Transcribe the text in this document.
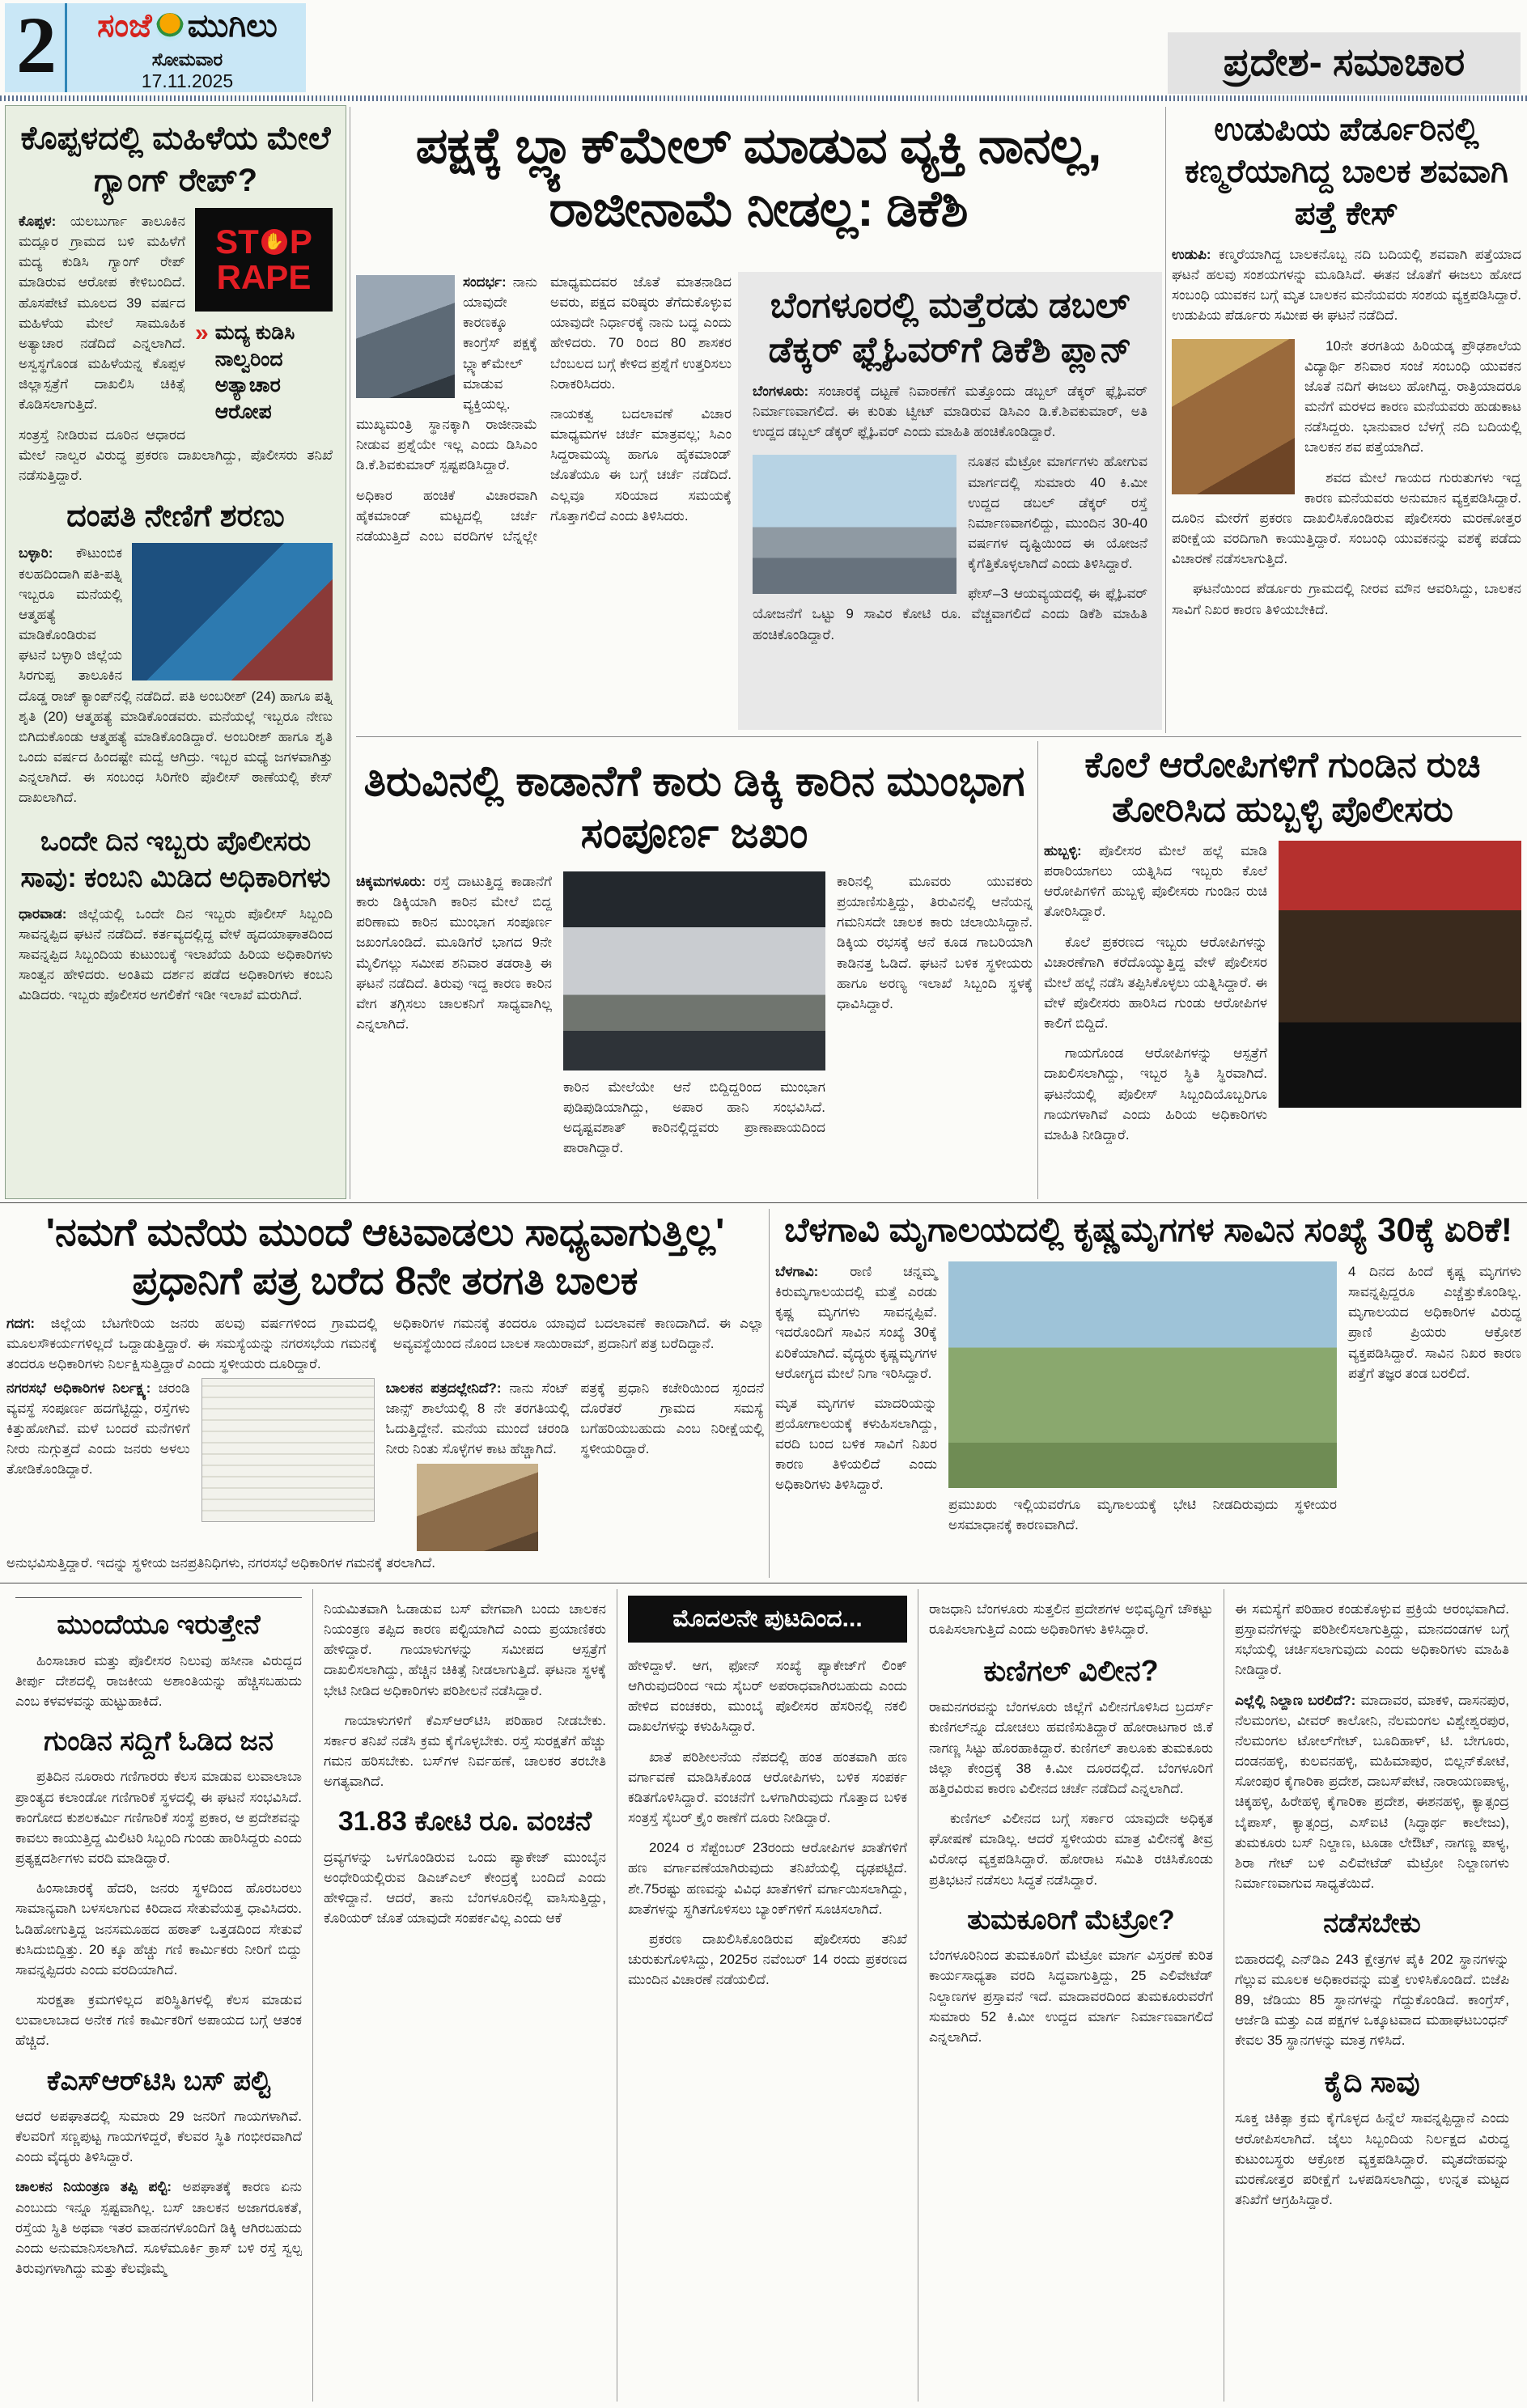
2 ಸಂಜೆ ಮುಗಿಲು
ಸೋಮವಾರ
17.11.2025	ಪ್ರದೇಶ- ಸಮಾಚಾರ
ಕೊಪ್ಪಳದಲ್ಲಿ ಮಹಿಳೆಯ ಮೇಲೆ ಗ್ಯಾಂಗ್ ರೇಪ್?
ST ✋ P
RAPE
» ಮದ್ಯ ಕುಡಿಸಿ ನಾಲ್ವರಿಂದ ಅತ್ಯಾಚಾರ ಆರೋಪ

ಕೊಪ್ಪಳ: ಯಲಬುರ್ಗಾ ತಾಲೂಕಿನ ಮದ್ಲೂರ ಗ್ರಾಮದ ಬಳಿ ಮಹಿಳೆಗೆ ಮದ್ಯ ಕುಡಿಸಿ ಗ್ಯಾಂಗ್ ರೇಪ್ ಮಾಡಿರುವ ಆರೋಪ ಕೇಳಿಬಂದಿದೆ. ಹೊಸಪೇಟೆ ಮೂಲದ 39 ವರ್ಷದ ಮಹಿಳೆಯ ಮೇಲೆ ಸಾಮೂಹಿಕ ಅತ್ಯಾಚಾರ ನಡೆದಿದೆ ಎನ್ನಲಾಗಿದೆ. ಅಸ್ವಸ್ಥಗೊಂಡ ಮಹಿಳೆಯನ್ನ ಕೊಪ್ಪಳ ಜಿಲ್ಲಾಸ್ಪತ್ರೆಗೆ ದಾಖಲಿಸಿ ಚಿಕಿತ್ಸೆ ಕೊಡಿಸಲಾಗುತ್ತಿದೆ.

ಸಂತ್ರಸ್ತೆ ನೀಡಿರುವ ದೂರಿನ ಆಧಾರದ ಮೇಲೆ ನಾಲ್ವರ ವಿರುದ್ಧ ಪ್ರಕರಣ ದಾಖಲಾಗಿದ್ದು, ಪೊಲೀಸರು ತನಿಖೆ ನಡೆಸುತ್ತಿದ್ದಾರೆ.

ದಂಪತಿ ನೇಣಿಗೆ ಶರಣು

ಬಳ್ಳಾರಿ: ಕೌಟುಂಬಿಕ ಕಲಹದಿಂದಾಗಿ ಪತಿ-ಪತ್ನಿ ಇಬ್ಬರೂ ಮನೆಯಲ್ಲಿ ಆತ್ಮಹತ್ಯೆ ಮಾಡಿಕೊಂಡಿರುವ ಘಟನೆ ಬಳ್ಳಾರಿ ಜಿಲ್ಲೆಯ ಸಿರಗುಪ್ಪ ತಾಲೂಕಿನ ದೊಡ್ಡ ರಾಜ್ ಕ್ಯಾಂಪ್‌ನಲ್ಲಿ ನಡೆದಿದೆ. ಪತಿ ಅಂಬರೀಶ್ (24) ಹಾಗೂ ಪತ್ನಿ ಶೃತಿ (20) ಆತ್ಮಹತ್ಯೆ ಮಾಡಿಕೊಂಡವರು. ಮನೆಯಲ್ಲೆ ಇಬ್ಬರೂ ನೇಣು ಬಿಗಿದುಕೊಂಡು ಆತ್ಮಹತ್ಯೆ ಮಾಡಿಕೊಂಡಿದ್ದಾರೆ. ಅಂಬರೀಶ್ ಹಾಗೂ ಶೃತಿ ಒಂದು ವರ್ಷದ ಹಿಂದಷ್ಟೇ ಮದ್ವೆ ಆಗಿದ್ರು. ಇಬ್ಬರ ಮಧ್ಯೆ ಜಗಳವಾಗಿತ್ತು ಎನ್ನಲಾಗಿದೆ. ಈ ಸಂಬಂಧ ಸಿರಿಗೇರಿ ಪೊಲೀಸ್ ಠಾಣೆಯಲ್ಲಿ ಕೇಸ್ ದಾಖಲಾಗಿದೆ.

ಒಂದೇ ದಿನ ಇಬ್ಬರು ಪೊಲೀಸರು ಸಾವು: ಕಂಬನಿ ಮಿಡಿದ ಅಧಿಕಾರಿಗಳು

ಧಾರವಾಡ: ಜಿಲ್ಲೆಯಲ್ಲಿ ಒಂದೇ ದಿನ ಇಬ್ಬರು ಪೊಲೀಸ್ ಸಿಬ್ಬಂದಿ ಸಾವನ್ನಪ್ಪಿದ ಘಟನೆ ನಡೆದಿದೆ. ಕರ್ತವ್ಯದಲ್ಲಿದ್ದ ವೇಳೆ ಹೃದಯಾಘಾತದಿಂದ ಸಾವನ್ನಪ್ಪಿದ ಸಿಬ್ಬಂದಿಯ ಕುಟುಂಬಕ್ಕೆ ಇಲಾಖೆಯ ಹಿರಿಯ ಅಧಿಕಾರಿಗಳು ಸಾಂತ್ವನ ಹೇಳಿದರು. ಅಂತಿಮ ದರ್ಶನ ಪಡೆದ ಅಧಿಕಾರಿಗಳು ಕಂಬನಿ ಮಿಡಿದರು. ಇಬ್ಬರು ಪೊಲೀಸರ ಅಗಲಿಕೆಗೆ ಇಡೀ ಇಲಾಖೆ ಮರುಗಿದೆ.

ಪಕ್ಷಕ್ಕೆ ಬ್ಲ್ಯಾಕ್‌ಮೇಲ್ ಮಾಡುವ ವ್ಯಕ್ತಿ ನಾನಲ್ಲ, ರಾಜೀನಾಮೆ ನೀಡಲ್ಲ: ಡಿಕೆಶಿ

ಸಂದರ್ಭ: ನಾನು ಯಾವುದೇ ಕಾರಣಕ್ಕೂ ಕಾಂಗ್ರೆಸ್ ಪಕ್ಷಕ್ಕೆ ಬ್ಲ್ಯಾಕ್‌ಮೇಲ್ ಮಾಡುವ ವ್ಯಕ್ತಿಯಲ್ಲ. ಮುಖ್ಯಮಂತ್ರಿ ಸ್ಥಾನಕ್ಕಾಗಿ ರಾಜೀನಾಮೆ ನೀಡುವ ಪ್ರಶ್ನೆಯೇ ಇಲ್ಲ ಎಂದು ಡಿಸಿಎಂ ಡಿ.ಕೆ.ಶಿವಕುಮಾರ್ ಸ್ಪಷ್ಟಪಡಿಸಿದ್ದಾರೆ.

ಅಧಿಕಾರ ಹಂಚಿಕೆ ವಿಚಾರವಾಗಿ ಹೈಕಮಾಂಡ್ ಮಟ್ಟದಲ್ಲಿ ಚರ್ಚೆ ನಡೆಯುತ್ತಿದೆ ಎಂಬ ವರದಿಗಳ ಬೆನ್ನಲ್ಲೇ ಮಾಧ್ಯಮದವರ ಜೊತೆ ಮಾತನಾಡಿದ ಅವರು, ಪಕ್ಷದ ವರಿಷ್ಠರು ತೆಗೆದುಕೊಳ್ಳುವ ಯಾವುದೇ ನಿರ್ಧಾರಕ್ಕೆ ನಾನು ಬದ್ಧ ಎಂದು ಹೇಳಿದರು. 70 ರಿಂದ 80 ಶಾಸಕರ ಬೆಂಬಲದ ಬಗ್ಗೆ ಕೇಳಿದ ಪ್ರಶ್ನೆಗೆ ಉತ್ತರಿಸಲು ನಿರಾಕರಿಸಿದರು.

ನಾಯಕತ್ವ ಬದಲಾವಣೆ ವಿಚಾರ ಮಾಧ್ಯಮಗಳ ಚರ್ಚೆ ಮಾತ್ರವಲ್ಲ; ಸಿಎಂ ಸಿದ್ದರಾಮಯ್ಯ ಹಾಗೂ ಹೈಕಮಾಂಡ್ ಜೊತೆಯೂ ಈ ಬಗ್ಗೆ ಚರ್ಚೆ ನಡೆದಿದೆ. ಎಲ್ಲವೂ ಸರಿಯಾದ ಸಮಯಕ್ಕೆ ಗೊತ್ತಾಗಲಿದೆ ಎಂದು ತಿಳಿಸಿದರು.

ಬೆಂಗಳೂರಲ್ಲಿ ಮತ್ತೆರಡು ಡಬಲ್ ಡೆಕ್ಕರ್ ಫ್ಲೈಓವರ್‌ಗೆ ಡಿಕೆಶಿ ಪ್ಲಾನ್

ಬೆಂಗಳೂರು: ಸಂಚಾರಕ್ಕೆ ದಟ್ಟಣೆ ನಿವಾರಣೆಗೆ ಮತ್ತೊಂದು ಡಬ್ಬಲ್ ಡೆಕ್ಕರ್ ಫ್ಲೈಓವರ್ ನಿರ್ಮಾಣವಾಗಲಿದೆ. ಈ ಕುರಿತು ಟ್ವೀಟ್ ಮಾಡಿರುವ ಡಿಸಿಎಂ ಡಿ.ಕೆ.ಶಿವಕುಮಾರ್, ಅತಿ ಉದ್ದದ ಡಬ್ಬಲ್ ಡೆಕ್ಕರ್ ಫ್ಲೈಓವರ್ ಎಂದು ಮಾಹಿತಿ ಹಂಚಿಕೊಂಡಿದ್ದಾರೆ.

ನೂತನ ಮೆಟ್ರೋ ಮಾರ್ಗಗಳು ಹೋಗುವ ಮಾರ್ಗದಲ್ಲಿ ಸುಮಾರು 40 ಕಿ.ಮೀ ಉದ್ದದ ಡಬಲ್ ಡೆಕ್ಕರ್ ರಸ್ತೆ ನಿರ್ಮಾಣವಾಗಲಿದ್ದು, ಮುಂದಿನ 30-40 ವರ್ಷಗಳ ದೃಷ್ಟಿಯಿಂದ ಈ ಯೋಜನೆ ಕೈಗೆತ್ತಿಕೊಳ್ಳಲಾಗಿದೆ ಎಂದು ತಿಳಿಸಿದ್ದಾರೆ.

ಫೇಸ್–3 ಆಯವ್ಯಯದಲ್ಲಿ ಈ ಫ್ಲೈಓವರ್ ಯೋಜನೆಗೆ ಒಟ್ಟು 9 ಸಾವಿರ ಕೋಟಿ ರೂ. ವೆಚ್ಚವಾಗಲಿದೆ ಎಂದು ಡಿಕೆಶಿ ಮಾಹಿತಿ ಹಂಚಿಕೊಂಡಿದ್ದಾರೆ.

ಉಡುಪಿಯ ಪೆರ್ಡೂರಿನಲ್ಲಿ ಕಣ್ಮರೆಯಾಗಿದ್ದ ಬಾಲಕ ಶವವಾಗಿ ಪತ್ತೆ ಕೇಸ್

ಉಡುಪಿ: ಕಣ್ಮರೆಯಾಗಿದ್ದ ಬಾಲಕನೊಬ್ಬ ನದಿ ಬದಿಯಲ್ಲಿ ಶವವಾಗಿ ಪತ್ತೆಯಾದ ಘಟನೆ ಹಲವು ಸಂಶಯಗಳನ್ನು ಮೂಡಿಸಿದೆ. ಈತನ ಜೊತೆಗೆ ಈಜಲು ಹೋದ ಸಂಬಂಧಿ ಯುವಕನ ಬಗ್ಗೆ ಮೃತ ಬಾಲಕನ ಮನೆಯವರು ಸಂಶಯ ವ್ಯಕ್ತಪಡಿಸಿದ್ದಾರೆ. ಉಡುಪಿಯ ಪೆರ್ಡೂರು ಸಮೀಪ ಈ ಘಟನೆ ನಡೆದಿದೆ.

10ನೇ ತರಗತಿಯ ಹಿರಿಯಡ್ಕ ಪ್ರೌಢಶಾಲೆಯ ವಿದ್ಯಾರ್ಥಿ ಶನಿವಾರ ಸಂಜೆ ಸಂಬಂಧಿ ಯುವಕನ ಜೊತೆ ನದಿಗೆ ಈಜಲು ಹೋಗಿದ್ದ. ರಾತ್ರಿಯಾದರೂ ಮನೆಗೆ ಮರಳದ ಕಾರಣ ಮನೆಯವರು ಹುಡುಕಾಟ ನಡೆಸಿದ್ದರು. ಭಾನುವಾರ ಬೆಳಗ್ಗೆ ನದಿ ಬದಿಯಲ್ಲಿ ಬಾಲಕನ ಶವ ಪತ್ತೆಯಾಗಿದೆ.

ಶವದ ಮೇಲೆ ಗಾಯದ ಗುರುತುಗಳು ಇದ್ದ ಕಾರಣ ಮನೆಯವರು ಅನುಮಾನ ವ್ಯಕ್ತಪಡಿಸಿದ್ದಾರೆ. ದೂರಿನ ಮೇರೆಗೆ ಪ್ರಕರಣ ದಾಖಲಿಸಿಕೊಂಡಿರುವ ಪೊಲೀಸರು ಮರಣೋತ್ತರ ಪರೀಕ್ಷೆಯ ವರದಿಗಾಗಿ ಕಾಯುತ್ತಿದ್ದಾರೆ. ಸಂಬಂಧಿ ಯುವಕನನ್ನು ವಶಕ್ಕೆ ಪಡೆದು ವಿಚಾರಣೆ ನಡೆಸಲಾಗುತ್ತಿದೆ.

ಘಟನೆಯಿಂದ ಪೆರ್ಡೂರು ಗ್ರಾಮದಲ್ಲಿ ನೀರವ ಮೌನ ಆವರಿಸಿದ್ದು, ಬಾಲಕನ ಸಾವಿಗೆ ನಿಖರ ಕಾರಣ ತಿಳಿಯಬೇಕಿದೆ.

ತಿರುವಿನಲ್ಲಿ ಕಾಡಾನೆಗೆ ಕಾರು ಡಿಕ್ಕಿ ಕಾರಿನ ಮುಂಭಾಗ ಸಂಪೂರ್ಣ ಜಖಂ

ಚಿಕ್ಕಮಗಳೂರು: ರಸ್ತೆ ದಾಟುತ್ತಿದ್ದ ಕಾಡಾನೆಗೆ ಕಾರು ಡಿಕ್ಕಿಯಾಗಿ ಕಾರಿನ ಮೇಲೆ ಬಿದ್ದ ಪರಿಣಾಮ ಕಾರಿನ ಮುಂಭಾಗ ಸಂಪೂರ್ಣ ಜಖಂಗೊಂಡಿದೆ. ಮೂಡಿಗೆರೆ ಭಾಗದ 9ನೇ ಮೈಲಿಗಲ್ಲು ಸಮೀಪ ಶನಿವಾರ ತಡರಾತ್ರಿ ಈ ಘಟನೆ ನಡೆದಿದೆ. ತಿರುವು ಇದ್ದ ಕಾರಣ ಕಾರಿನ ವೇಗ ತಗ್ಗಿಸಲು ಚಾಲಕನಿಗೆ ಸಾಧ್ಯವಾಗಿಲ್ಲ ಎನ್ನಲಾಗಿದೆ.

ಕಾರಿನ ಮೇಲೆಯೇ ಆನೆ ಬಿದ್ದಿದ್ದರಿಂದ ಮುಂಭಾಗ ಪುಡಿಪುಡಿಯಾಗಿದ್ದು, ಅಪಾರ ಹಾನಿ ಸಂಭವಿಸಿದೆ. ಅದೃಷ್ಟವಶಾತ್ ಕಾರಿನಲ್ಲಿದ್ದವರು ಪ್ರಾಣಾಪಾಯದಿಂದ ಪಾರಾಗಿದ್ದಾರೆ.

ಕಾರಿನಲ್ಲಿ ಮೂವರು ಯುವಕರು ಪ್ರಯಾಣಿಸುತ್ತಿದ್ದು, ತಿರುವಿನಲ್ಲಿ ಆನೆಯನ್ನ ಗಮನಿಸದೇ ಚಾಲಕ ಕಾರು ಚಲಾಯಿಸಿದ್ದಾನೆ. ಡಿಕ್ಕಿಯ ರಭಸಕ್ಕೆ ಆನೆ ಕೂಡ ಗಾಬರಿಯಾಗಿ ಕಾಡಿನತ್ತ ಓಡಿದೆ. ಘಟನೆ ಬಳಿಕ ಸ್ಥಳೀಯರು ಹಾಗೂ ಅರಣ್ಯ ಇಲಾಖೆ ಸಿಬ್ಬಂದಿ ಸ್ಥಳಕ್ಕೆ ಧಾವಿಸಿದ್ದಾರೆ.

ಕೊಲೆ ಆರೋಪಿಗಳಿಗೆ ಗುಂಡಿನ ರುಚಿ ತೋರಿಸಿದ ಹುಬ್ಬಳ್ಳಿ ಪೊಲೀಸರು

ಹುಬ್ಬಳ್ಳಿ: ಪೊಲೀಸರ ಮೇಲೆ ಹಲ್ಲೆ ಮಾಡಿ ಪರಾರಿಯಾಗಲು ಯತ್ನಿಸಿದ ಇಬ್ಬರು ಕೊಲೆ ಆರೋಪಿಗಳಿಗೆ ಹುಬ್ಬಳ್ಳಿ ಪೊಲೀಸರು ಗುಂಡಿನ ರುಚಿ ತೋರಿಸಿದ್ದಾರೆ.

ಕೊಲೆ ಪ್ರಕರಣದ ಇಬ್ಬರು ಆರೋಪಿಗಳನ್ನು ವಿಚಾರಣೆಗಾಗಿ ಕರೆದೊಯ್ಯುತ್ತಿದ್ದ ವೇಳೆ ಪೊಲೀಸರ ಮೇಲೆ ಹಲ್ಲೆ ನಡೆಸಿ ತಪ್ಪಿಸಿಕೊಳ್ಳಲು ಯತ್ನಿಸಿದ್ದಾರೆ. ಈ ವೇಳೆ ಪೊಲೀಸರು ಹಾರಿಸಿದ ಗುಂಡು ಆರೋಪಿಗಳ ಕಾಲಿಗೆ ಬಿದ್ದಿದೆ.

ಗಾಯಗೊಂಡ ಆರೋಪಿಗಳನ್ನು ಆಸ್ಪತ್ರೆಗೆ ದಾಖಲಿಸಲಾಗಿದ್ದು, ಇಬ್ಬರ ಸ್ಥಿತಿ ಸ್ಥಿರವಾಗಿದೆ. ಘಟನೆಯಲ್ಲಿ ಪೊಲೀಸ್ ಸಿಬ್ಬಂದಿಯೊಬ್ಬರಿಗೂ ಗಾಯಗಳಾಗಿವೆ ಎಂದು ಹಿರಿಯ ಅಧಿಕಾರಿಗಳು ಮಾಹಿತಿ ನೀಡಿದ್ದಾರೆ.

'ನಮಗೆ ಮನೆಯ ಮುಂದೆ ಆಟವಾಡಲು ಸಾಧ್ಯವಾಗುತ್ತಿಲ್ಲ' ಪ್ರಧಾನಿಗೆ ಪತ್ರ ಬರೆದ 8ನೇ ತರಗತಿ ಬಾಲಕ

ಗದಗ: ಜಿಲ್ಲೆಯ ಬೆಟಗೇರಿಯ ಜನರು ಹಲವು ವರ್ಷಗಳಿಂದ ಗ್ರಾಮದಲ್ಲಿ ಮೂಲಸೌಕರ್ಯಗಳಿಲ್ಲದೆ ಒದ್ದಾಡುತ್ತಿದ್ದಾರೆ. ಈ ಸಮಸ್ಯೆಯನ್ನು ನಗರಸಭೆಯ ಗಮನಕ್ಕೆ ತಂದರೂ ಅಧಿಕಾರಿಗಳು ನಿರ್ಲಕ್ಷಿಸುತ್ತಿದ್ದಾರೆ ಎಂದು ಸ್ಥಳೀಯರು ದೂರಿದ್ದಾರೆ.

ಅಧಿಕಾರಿಗಳ ಗಮನಕ್ಕೆ ತಂದರೂ ಯಾವುದೆ ಬದಲಾವಣೆ ಕಾಣದಾಗಿದೆ. ಈ ಎಲ್ಲಾ ಅವ್ಯವಸ್ಥೆಯಿಂದ ನೊಂದ ಬಾಲಕ ಸಾಯಿರಾಮ್, ಪ್ರದಾನಿಗೆ ಪತ್ರ ಬರೆದಿದ್ದಾನೆ.

ನಗರಸಭೆ ಅಧಿಕಾರಿಗಳ ನಿರ್ಲಕ್ಷ್ಯ: ಚರಂಡಿ ವ್ಯವಸ್ಥೆ ಸಂಪೂರ್ಣ ಹದಗೆಟ್ಟಿದ್ದು, ರಸ್ತೆಗಳು ಕಿತ್ತುಹೋಗಿವೆ. ಮಳೆ ಬಂದರೆ ಮನೆಗಳಿಗೆ ನೀರು ನುಗ್ಗುತ್ತದೆ ಎಂದು ಜನರು ಅಳಲು ತೋಡಿಕೊಂಡಿದ್ದಾರೆ.

ಬಾಲಕನ ಪತ್ರದಲ್ಲೇನಿದೆ?: ನಾನು ಸೆಂಟ್ ಜಾನ್ಸ್ ಶಾಲೆಯಲ್ಲಿ 8 ನೇ ತರಗತಿಯಲ್ಲಿ ಓದುತ್ತಿದ್ದೇನೆ. ಮನೆಯ ಮುಂದೆ ಚರಂಡಿ ನೀರು ನಿಂತು ಸೊಳ್ಳೆಗಳ ಕಾಟ ಹೆಚ್ಚಾಗಿದೆ.

ಪತ್ರಕ್ಕೆ ಪ್ರಧಾನಿ ಕಚೇರಿಯಿಂದ ಸ್ಪಂದನೆ ದೊರೆತರೆ ಗ್ರಾಮದ ಸಮಸ್ಯೆ ಬಗೆಹರಿಯಬಹುದು ಎಂಬ ನಿರೀಕ್ಷೆಯಲ್ಲಿ ಸ್ಥಳೀಯರಿದ್ದಾರೆ.

ಅನುಭವಿಸುತ್ತಿದ್ದಾರೆ. ಇದನ್ನು ಸ್ಥಳೀಯ ಜನಪ್ರತಿನಿಧಿಗಳು, ನಗರಸಭೆ ಅಧಿಕಾರಿಗಳ ಗಮನಕ್ಕೆ ತರಲಾಗಿದೆ.

ಬೆಳಗಾವಿ ಮೃಗಾಲಯದಲ್ಲಿ ಕೃಷ್ಣಮೃಗಗಳ ಸಾವಿನ ಸಂಖ್ಯೆ 30ಕ್ಕೆ ಏರಿಕೆ!

ಬೆಳಗಾವಿ: ರಾಣಿ ಚನ್ನಮ್ಮ ಕಿರುಮೃಗಾಲಯದಲ್ಲಿ ಮತ್ತೆ ಎರಡು ಕೃಷ್ಣ ಮೃಗಗಳು ಸಾವನ್ನಪ್ಪಿವೆ. ಇದರೊಂದಿಗೆ ಸಾವಿನ ಸಂಖ್ಯೆ 30ಕ್ಕೆ ಏರಿಕೆಯಾಗಿದೆ. ವೈದ್ಯರು ಕೃಷ್ಣಮೃಗಗಳ ಆರೋಗ್ಯದ ಮೇಲೆ ನಿಗಾ ಇರಿಸಿದ್ದಾರೆ.

ಮೃತ ಮೃಗಗಳ ಮಾದರಿಯನ್ನು ಪ್ರಯೋಗಾಲಯಕ್ಕೆ ಕಳುಹಿಸಲಾಗಿದ್ದು, ವರದಿ ಬಂದ ಬಳಿಕ ಸಾವಿಗೆ ನಿಖರ ಕಾರಣ ತಿಳಿಯಲಿದೆ ಎಂದು ಅಧಿಕಾರಿಗಳು ತಿಳಿಸಿದ್ದಾರೆ.

ಪ್ರಮುಖರು ಇಲ್ಲಿಯವರೆಗೂ ಮೃಗಾಲಯಕ್ಕೆ ಭೇಟಿ ನೀಡದಿರುವುದು ಸ್ಥಳೀಯರ ಅಸಮಾಧಾನಕ್ಕೆ ಕಾರಣವಾಗಿದೆ.

4 ದಿನದ ಹಿಂದೆ ಕೃಷ್ಣ ಮೃಗಗಳು ಸಾವನ್ನಪ್ಪಿದ್ದರೂ ಎಚ್ಚೆತ್ತುಕೊಂಡಿಲ್ಲ. ಮೃಗಾಲಯದ ಅಧಿಕಾರಿಗಳ ವಿರುದ್ಧ ಪ್ರಾಣಿ ಪ್ರಿಯರು ಆಕ್ರೋಶ ವ್ಯಕ್ತಪಡಿಸಿದ್ದಾರೆ. ಸಾವಿನ ನಿಖರ ಕಾರಣ ಪತ್ತೆಗೆ ತಜ್ಞರ ತಂಡ ಬರಲಿದೆ.

ಮುಂದೆಯೂ ಇರುತ್ತೇನೆ

ಹಿಂಸಾಚಾರ ಮತ್ತು ಪೊಲೀಸರ ನಿಲುವು ಹಸೀನಾ ವಿರುದ್ದದ ತೀರ್ಪು ದೇಶದಲ್ಲಿ ರಾಜಕೀಯ ಅಶಾಂತಿಯನ್ನು ಹೆಚ್ಚಿಸಬಹುದು ಎಂಬ ಕಳವಳವನ್ನು ಹುಟ್ಟುಹಾಕಿದೆ.

ಗುಂಡಿನ ಸದ್ದಿಗೆ ಓಡಿದ ಜನ

ಪ್ರತಿದಿನ ನೂರಾರು ಗಣಿಗಾರರು ಕೆಲಸ ಮಾಡುವ ಲುವಾಲಾಬಾ ಪ್ರಾಂತ್ಯದ ಕಲಾಂಡೋ ಗಣಿಗಾರಿಕೆ ಸ್ಥಳದಲ್ಲಿ ಈ ಘಟನೆ ಸಂಭವಿಸಿದೆ. ಕಾಂಗೋದ ಕುಶಲಕರ್ಮಿ ಗಣಿಗಾರಿಕೆ ಸಂಸ್ಥೆ ಪ್ರಕಾರ, ಆ ಪ್ರದೇಶವನ್ನು ಕಾವಲು ಕಾಯುತ್ತಿದ್ದ ಮಿಲಿಟರಿ ಸಿಬ್ಬಂದಿ ಗುಂಡು ಹಾರಿಸಿದ್ದರು ಎಂದು ಪ್ರತ್ಯಕ್ಷದರ್ಶಿಗಳು ವರದಿ ಮಾಡಿದ್ದಾರೆ.

ಹಿಂಸಾಚಾರಕ್ಕೆ ಹೆದರಿ, ಜನರು ಸ್ಥಳದಿಂದ ಹೊರಬರಲು ಸಾಮಾನ್ಯವಾಗಿ ಬಳಸಲಾಗುವ ಕಿರಿದಾದ ಸೇತುವೆಯತ್ತ ಧಾವಿಸಿದರು. ಓಡಿಹೋಗುತ್ತಿದ್ದ ಜನಸಮೂಹದ ಹಠಾತ್ ಒತ್ತಡದಿಂದ ಸೇತುವೆ ಕುಸಿದುಬಿದ್ದಿತ್ತು. 20 ಕ್ಕೂ ಹೆಚ್ಚು ಗಣಿ ಕಾರ್ಮಿಕರು ನೀರಿಗೆ ಬಿದ್ದು ಸಾವನ್ನಪ್ಪಿದರು ಎಂದು ವರದಿಯಾಗಿದೆ.

ಸುರಕ್ಷತಾ ಕ್ರಮಗಳಿಲ್ಲದ ಪರಿಸ್ಥಿತಿಗಳಲ್ಲಿ ಕೆಲಸ ಮಾಡುವ ಲುವಾಲಾಬಾದ ಅನೇಕ ಗಣಿ ಕಾರ್ಮಿಕರಿಗೆ ಅಪಾಯದ ಬಗ್ಗೆ ಆತಂಕ ಹೆಚ್ಚಿದೆ.

ಕೆಎಸ್ಆರ್‌ಟಿಸಿ ಬಸ್ ಪಲ್ಟಿ

ಆದರೆ ಅಪಘಾತದಲ್ಲಿ ಸುಮಾರು 29 ಜನರಿಗೆ ಗಾಯಗಳಾಗಿವೆ. ಕೆಲವರಿಗೆ ಸಣ್ಣಪುಟ್ಟ ಗಾಯಗಳಿದ್ದರೆ, ಕೆಲವರ ಸ್ಥಿತಿ ಗಂಭೀರವಾಗಿದೆ ಎಂದು ವೈದ್ಯರು ತಿಳಿಸಿದ್ದಾರೆ.

ಚಾಲಕನ ನಿಯಂತ್ರಣ ತಪ್ಪಿ ಪಲ್ಟಿ: ಅಪಘಾತಕ್ಕೆ ಕಾರಣ ಏನು ಎಂಬುದು ಇನ್ನೂ ಸ್ಪಷ್ಟವಾಗಿಲ್ಲ. ಬಸ್ ಚಾಲಕನ ಅಜಾಗರೂಕತೆ, ರಸ್ತೆಯ ಸ್ಥಿತಿ ಅಥವಾ ಇತರ ವಾಹನಗಳೊಂದಿಗೆ ಡಿಕ್ಕಿ ಆಗಿರಬಹುದು ಎಂದು ಅನುಮಾನಿಸಲಾಗಿದೆ. ಸೂಳೆಮೂರ್ಕಿ ಕ್ರಾಸ್ ಬಳಿ ರಸ್ತೆ ಸ್ವಲ್ಪ ತಿರುವುಗಳಾಗಿದ್ದು ಮತ್ತು ಕೆಲವೊಮ್ಮೆ

ನಿಯಮಿತವಾಗಿ ಓಡಾಡುವ ಬಸ್ ವೇಗವಾಗಿ ಬಂದು ಚಾಲಕನ ನಿಯಂತ್ರಣ ತಪ್ಪಿದ ಕಾರಣ ಪಲ್ಟಿಯಾಗಿದೆ ಎಂದು ಪ್ರಯಾಣಿಕರು ಹೇಳಿದ್ದಾರೆ. ಗಾಯಾಳುಗಳನ್ನು ಸಮೀಪದ ಆಸ್ಪತ್ರೆಗೆ ದಾಖಲಿಸಲಾಗಿದ್ದು, ಹೆಚ್ಚಿನ ಚಿಕಿತ್ಸೆ ನೀಡಲಾಗುತ್ತಿದೆ. ಘಟನಾ ಸ್ಥಳಕ್ಕೆ ಭೇಟಿ ನೀಡಿದ ಅಧಿಕಾರಿಗಳು ಪರಿಶೀಲನೆ ನಡೆಸಿದ್ದಾರೆ.

ಗಾಯಾಳುಗಳಿಗೆ ಕೆಎಸ್ಆರ್‌ಟಿಸಿ ಪರಿಹಾರ ನೀಡಬೇಕು. ಸರ್ಕಾರ ತನಿಖೆ ನಡೆಸಿ ಕ್ರಮ ಕೈಗೊಳ್ಳಬೇಕು. ರಸ್ತೆ ಸುರಕ್ಷತೆಗೆ ಹೆಚ್ಚು ಗಮನ ಹರಿಸಬೇಕು. ಬಸ್‌ಗಳ ನಿರ್ವಹಣೆ, ಚಾಲಕರ ತರಬೇತಿ ಅಗತ್ಯವಾಗಿದೆ.

31.83 ಕೋಟಿ ರೂ. ವಂಚನೆ

ದ್ರವ್ಯಗಳನ್ನು ಒಳಗೊಂಡಿರುವ ಒಂದು ಪ್ಯಾಕೇಜ್ ಮುಂಬೈನ ಅಂಧೇರಿಯಲ್ಲಿರುವ ಡಿಎಚ್‌ಎಲ್ ಕೇಂದ್ರಕ್ಕೆ ಬಂದಿದೆ ಎಂದು ಹೇಳಿದ್ದಾನೆ. ಆದರೆ, ತಾನು ಬೆಂಗಳೂರಿನಲ್ಲಿ ವಾಸಿಸುತ್ತಿದ್ದು, ಕೊರಿಯರ್ ಜೊತೆ ಯಾವುದೇ ಸಂಪರ್ಕವಿಲ್ಲ ಎಂದು ಆಕೆ

ಮೊದಲನೇ ಪುಟದಿಂದ...

ಹೇಳಿದ್ದಾಳೆ. ಆಗ, ಫೋನ್ ಸಂಖ್ಯೆ ಪ್ಯಾಕೇಜ್‌ಗೆ ಲಿಂಕ್ ಆಗಿರುವುದರಿಂದ ಇದು ಸೈಬರ್ ಅಪರಾಧವಾಗಿರಬಹುದು ಎಂದು ಹೇಳಿದ ವಂಚಕರು, ಮುಂಬೈ ಪೊಲೀಸರ ಹೆಸರಿನಲ್ಲಿ ನಕಲಿ ದಾಖಲೆಗಳನ್ನು ಕಳುಹಿಸಿದ್ದಾರೆ.

ಖಾತೆ ಪರಿಶೀಲನೆಯ ನೆಪದಲ್ಲಿ ಹಂತ ಹಂತವಾಗಿ ಹಣ ವರ್ಗಾವಣೆ ಮಾಡಿಸಿಕೊಂಡ ಆರೋಪಿಗಳು, ಬಳಿಕ ಸಂಪರ್ಕ ಕಡಿತಗೊಳಿಸಿದ್ದಾರೆ. ವಂಚನೆಗೆ ಒಳಗಾಗಿರುವುದು ಗೊತ್ತಾದ ಬಳಿಕ ಸಂತ್ರಸ್ತೆ ಸೈಬರ್ ಕ್ರೈಂ ಠಾಣೆಗೆ ದೂರು ನೀಡಿದ್ದಾರೆ.

2024 ರ ಸೆಪ್ಟೆಂಬರ್ 23ರಂದು ಆರೋಪಿಗಳ ಖಾತೆಗಳಿಗೆ ಹಣ ವರ್ಗಾವಣೆಯಾಗಿರುವುದು ತನಿಖೆಯಲ್ಲಿ ದೃಢಪಟ್ಟಿದೆ. ಶೇ.75ರಷ್ಟು ಹಣವನ್ನು ವಿವಿಧ ಖಾತೆಗಳಿಗೆ ವರ್ಗಾಯಿಸಲಾಗಿದ್ದು, ಖಾತೆಗಳನ್ನು ಸ್ಥಗಿತಗೊಳಿಸಲು ಬ್ಯಾಂಕ್‌ಗಳಿಗೆ ಸೂಚಿಸಲಾಗಿದೆ.

ಪ್ರಕರಣ ದಾಖಲಿಸಿಕೊಂಡಿರುವ ಪೊಲೀಸರು ತನಿಖೆ ಚುರುಕುಗೊಳಿಸಿದ್ದು, 2025ರ ನವೆಂಬರ್ 14 ರಂದು ಪ್ರಕರಣದ ಮುಂದಿನ ವಿಚಾರಣೆ ನಡೆಯಲಿದೆ.

ರಾಜಧಾನಿ ಬೆಂಗಳೂರು ಸುತ್ತಲಿನ ಪ್ರದೇಶಗಳ ಅಭಿವೃದ್ಧಿಗೆ ಚೌಕಟ್ಟು ರೂಪಿಸಲಾಗುತ್ತಿದೆ ಎಂದು ಅಧಿಕಾರಿಗಳು ತಿಳಿಸಿದ್ದಾರೆ.

ಕುಣಿಗಲ್ ವಿಲೀನ?

ರಾಮನಗರವನ್ನು ಬೆಂಗಳೂರು ಜಿಲ್ಲೆಗೆ ವಿಲೀನಗೊಳಿಸಿದ ಬ್ರದರ್ಸ್ ಕುಣಿಗಲ್‌ನ್ನೂ ದೋಚಲು ಹವಣಿಸುತಿದ್ದಾರೆ ಹೋರಾಟಗಾರ ಜಿ.ಕೆ ನಾಗಣ್ಣ ಸಿಟ್ಟು ಹೊರಹಾಕಿದ್ದಾರೆ. ಕುಣಿಗಲ್ ತಾಲೂಕು ತುಮಕೂರು ಜಿಲ್ಲಾ ಕೇಂದ್ರಕ್ಕೆ 38 ಕಿ.ಮೀ ದೂರದಲ್ಲಿದೆ. ಬೆಂಗಳೂರಿಗೆ ಹತ್ತಿರವಿರುವ ಕಾರಣ ವಿಲೀನದ ಚರ್ಚೆ ನಡೆದಿದೆ ಎನ್ನಲಾಗಿದೆ.

ಕುಣಿಗಲ್ ವಿಲೀನದ ಬಗ್ಗೆ ಸರ್ಕಾರ ಯಾವುದೇ ಅಧಿಕೃತ ಘೋಷಣೆ ಮಾಡಿಲ್ಲ. ಆದರೆ ಸ್ಥಳೀಯರು ಮಾತ್ರ ವಿಲೀನಕ್ಕೆ ತೀವ್ರ ವಿರೋಧ ವ್ಯಕ್ತಪಡಿಸಿದ್ದಾರೆ. ಹೋರಾಟ ಸಮಿತಿ ರಚಿಸಿಕೊಂಡು ಪ್ರತಿಭಟನೆ ನಡೆಸಲು ಸಿದ್ಧತೆ ನಡೆಸಿದ್ದಾರೆ.

ತುಮಕೂರಿಗೆ ಮೆಟ್ರೋ?

ಬೆಂಗಳೂರಿನಿಂದ ತುಮಕೂರಿಗೆ ಮೆಟ್ರೋ ಮಾರ್ಗ ವಿಸ್ತರಣೆ ಕುರಿತ ಕಾರ್ಯಸಾಧ್ಯತಾ ವರದಿ ಸಿದ್ಧವಾಗುತ್ತಿದ್ದು, 25 ಎಲಿವೇಟೆಡ್ ನಿಲ್ದಾಣಗಳ ಪ್ರಸ್ತಾವನೆ ಇದೆ. ಮಾದಾವರದಿಂದ ತುಮಕೂರುವರೆಗೆ ಸುಮಾರು 52 ಕಿ.ಮೀ ಉದ್ದದ ಮಾರ್ಗ ನಿರ್ಮಾಣವಾಗಲಿದೆ ಎನ್ನಲಾಗಿದೆ.

ಈ ಸಮಸ್ಯೆಗೆ ಪರಿಹಾರ ಕಂಡುಕೊಳ್ಳುವ ಪ್ರಕ್ರಿಯೆ ಆರಂಭವಾಗಿದೆ. ಪ್ರಸ್ತಾವನೆಗಳನ್ನು ಪರಿಶೀಲಿಸಲಾಗುತ್ತಿದ್ದು, ಮಾನದಂಡಗಳ ಬಗ್ಗೆ ಸಭೆಯಲ್ಲಿ ಚರ್ಚಿಸಲಾಗುವುದು ಎಂದು ಅಧಿಕಾರಿಗಳು ಮಾಹಿತಿ ನೀಡಿದ್ದಾರೆ.

ಎಲ್ಲೆಲ್ಲಿ ನಿಲ್ದಾಣ ಬರಲಿದೆ?: ಮಾದಾವರ, ಮಾಕಳಿ, ದಾಸನಪುರ, ನೆಲಮಂಗಲ, ವೀವರ್ ಕಾಲೋನಿ, ನೆಲಮಂಗಲ ವಿಶ್ವೇಶ್ವರಪುರ, ನೆಲಮಂಗಲ ಟೋಲ್‌ಗೇಟ್, ಬೂದಿಹಾಳ್, ಟಿ. ಬೇಗೂರು, ದಂಡನಹಳ್ಳಿ, ಕುಲವನಹಳ್ಳಿ, ಮಹಿಮಾಪುರ, ಬಿಲ್ಲನ್‌ಕೋಟೆ, ಸೋಂಪುರ ಕೈಗಾರಿಕಾ ಪ್ರದೇಶ, ದಾಬಸ್‌ಪೇಟೆ, ನಾರಾಯಣಪಾಳ್ಯ, ಚಿಕ್ಕಹಳ್ಳಿ, ಹಿರೇಹಳ್ಳಿ ಕೈಗಾರಿಕಾ ಪ್ರದೇಶ, ಈಶನಹಳ್ಳಿ, ಕ್ಯಾತ್ಸಂದ್ರ ಬೈಪಾಸ್, ಕ್ಯಾತ್ಸಂದ್ರ, ಎಸ್‌ಐಟಿ (ಸಿದ್ಧಾರ್ಥ ಕಾಲೇಜು), ತುಮಕೂರು ಬಸ್ ನಿಲ್ದಾಣ, ಟೂಡಾ ಲೇಔಟ್, ನಾಗಣ್ಣ ಪಾಳ್ಯ, ಶಿರಾ ಗೇಟ್ ಬಳಿ ಎಲಿವೇಟೆಡ್ ಮೆಟ್ರೋ ನಿಲ್ದಾಣಗಳು ನಿರ್ಮಾಣವಾಗುವ ಸಾಧ್ಯತೆಯಿದೆ.

ನಡೆಸಬೇಕು

ಬಿಹಾರದಲ್ಲಿ ಎನ್‌ಡಿಎ 243 ಕ್ಷೇತ್ರಗಳ ಪೈಕಿ 202 ಸ್ಥಾನಗಳನ್ನು ಗೆಲ್ಲುವ ಮೂಲಕ ಅಧಿಕಾರವನ್ನು ಮತ್ತೆ ಉಳಿಸಿಕೊಂಡಿದೆ. ಬಿಜೆಪಿ 89, ಜೆಡಿಯು 85 ಸ್ಥಾನಗಳನ್ನು ಗೆದ್ದುಕೊಂಡಿದೆ. ಕಾಂಗ್ರೆಸ್, ಆರ್ಜೆಡಿ ಮತ್ತು ಎಡ ಪಕ್ಷಗಳ ಒಕ್ಕೂಟವಾದ ಮಹಾಘಟಬಂಧನ್ ಕೇವಲ 35 ಸ್ಥಾನಗಳನ್ನು ಮಾತ್ರ ಗಳಿಸಿದೆ.

ಕೈದಿ ಸಾವು

ಸೂಕ್ತ ಚಿಕಿತ್ಸಾ ಕ್ರಮ ಕೈಗೊಳ್ಳದ ಹಿನ್ನೆಲೆ ಸಾವನ್ನಪ್ಪಿದ್ದಾನೆ ಎಂದು ಆರೋಪಿಸಲಾಗಿದೆ. ಜೈಲು ಸಿಬ್ಬಂದಿಯ ನಿರ್ಲಕ್ಷದ ವಿರುದ್ಧ ಕುಟುಂಬಸ್ಥರು ಆಕ್ರೋಶ ವ್ಯಕ್ತಪಡಿಸಿದ್ದಾರೆ. ಮೃತದೇಹವನ್ನು ಮರಣೋತ್ತರ ಪರೀಕ್ಷೆಗೆ ಒಳಪಡಿಸಲಾಗಿದ್ದು, ಉನ್ನತ ಮಟ್ಟದ ತನಿಖೆಗೆ ಆಗ್ರಹಿಸಿದ್ದಾರೆ.
